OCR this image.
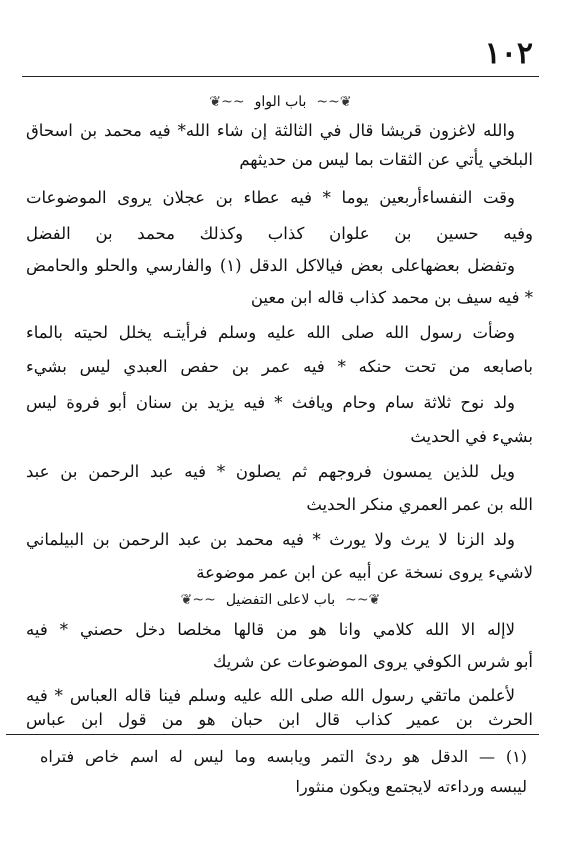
١٠٢
❦~~باب الواو~~❦
والله لاغزون قريشا قال في الثالثة إن شاء الله* فيه محمد بن اسحاق
البلخي يأتي عن الثقات بما ليس من حديثهم
وقت النفساءأربعين يوما * فيه عطاء بن عجلان يروى الموضوعات
وفيه حسين بن علوان كذاب وكذلك محمد بن الفضل
وتفضل بعضهاعلى بعض فيالاكل الدقل (١) والفارسي والحلو والحامض
* فيه سيف بن محمد كذاب قاله ابن معين
وضأت رسول الله صلى الله عليه وسلم فرأيتـه يخلل لحيته بالماء
باصابعه من تحت حنكه * فيه عمر بن حفص العبدي ليس بشيء
ولد نوح ثلاثة سام وحام ويافث * فيه يزيد بن سنان أبو فروة ليس
بشيء في الحديث
ويل للذين يمسون فروجهم ثم يصلون * فيه عبد الرحمن بن عبد
الله بن عمر العمري منكر الحديث
ولد الزنا لا يرث ولا يورث * فيه محمد بن عبد الرحمن بن البيلماني
لاشيء يروى نسخة عن أبيه عن ابن عمر موضوعة
❦~~باب لاعلى التفضيل~~❦
لاإله الا الله كلامي وانا هو من قالها مخلصا دخل حصني * فيه
أبو شرس الكوفي يروى الموضوعات عن شريك
لأعلمن ماتقي رسول الله صلى الله عليه وسلم فينا قاله العباس * فيه
الحرث بن عمير كذاب قال ابن حبان هو من قول ابن عباس
(١) — الدقل هو ردئ التمر ويابسه وما ليس له اسم خاص فتراه
ليبسه ورداءته لايجتمع ويكون منثورا
